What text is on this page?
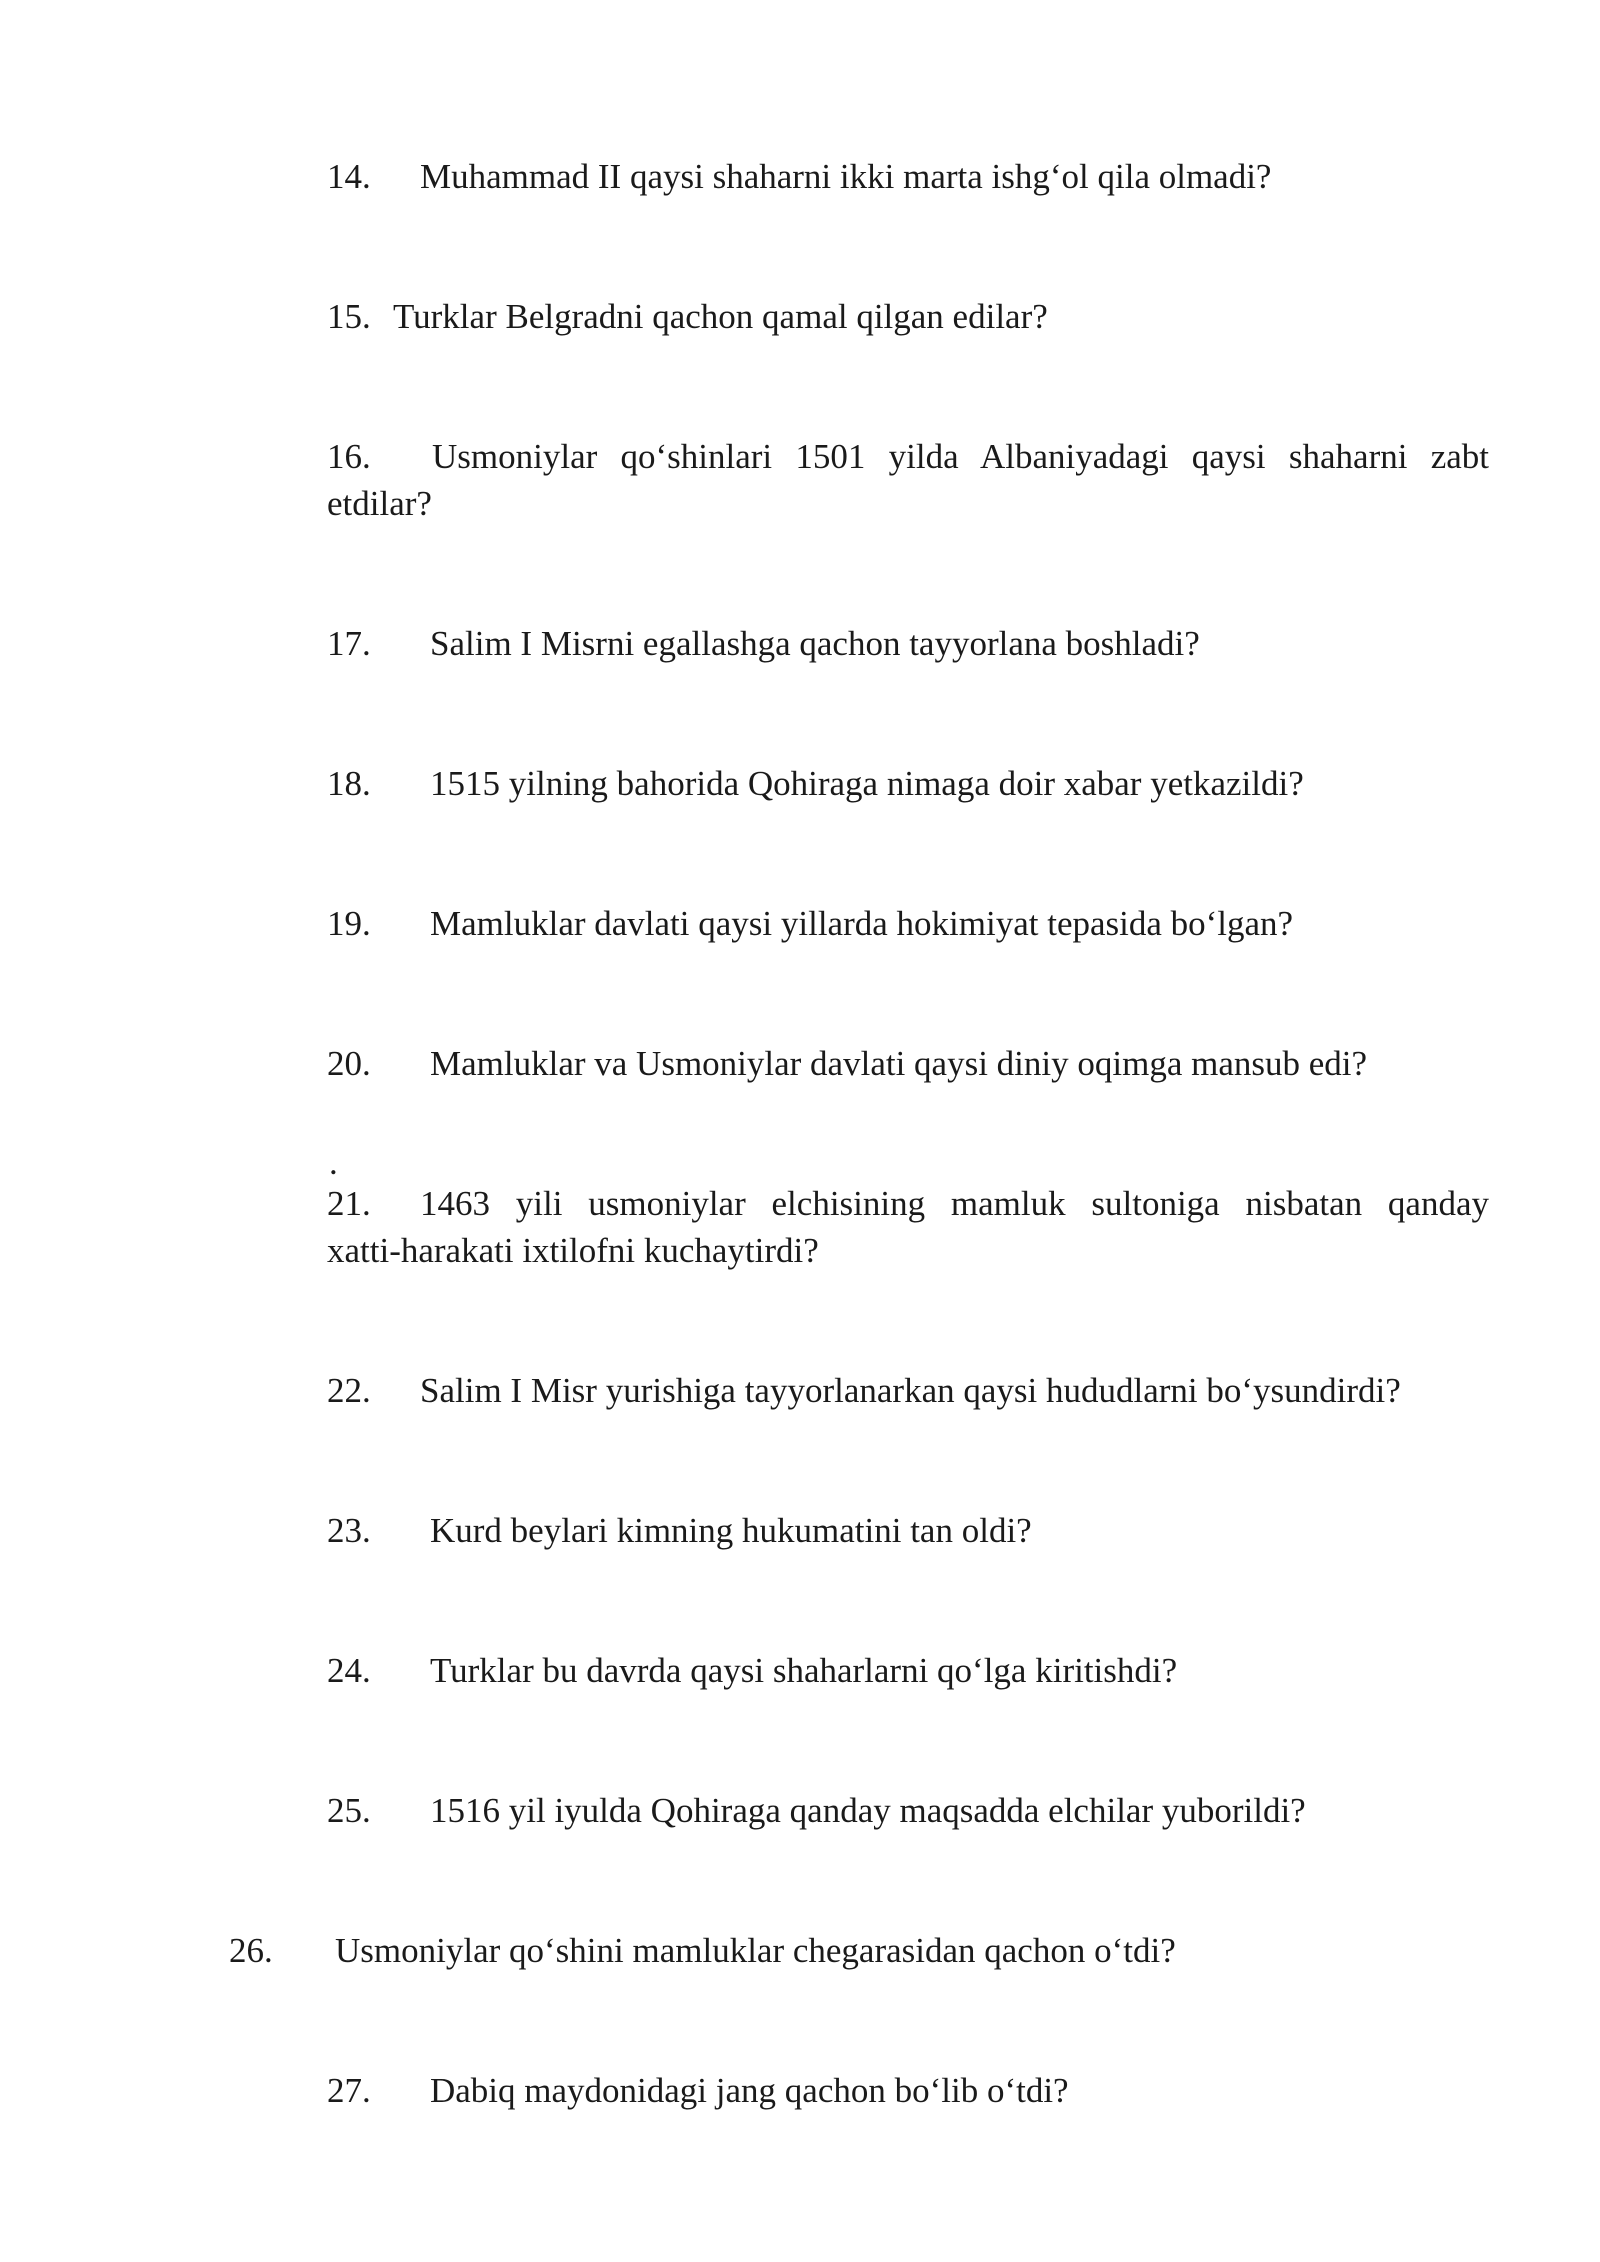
14. Muhammad II qaysi shaharni ikki marta ishg‘ol qila olmadi?
15. Turklar Belgradni qachon qamal qilgan edilar?
16.	Usmoniylar qo‘shinlari 1501 yilda Albaniyadagi qaysi shaharni zabt
etdilar?
17. Salim I Misrni egallashga qachon tayyorlana boshladi?
18. 1515 yilning bahorida Qohiraga nimaga doir xabar yetkazildi?
19. Mamluklar davlati qaysi yillarda hokimiyat tepasida bo‘lgan?
20. Mamluklar va Usmoniylar davlati qaysi diniy oqimga mansub edi?
.
21.	1463 yili usmoniylar elchisining mamluk sultoniga nisbatan qanday
xatti-harakati ixtilofni kuchaytirdi?
22. Salim I Misr yurishiga tayyorlanarkan qaysi hududlarni bo‘ysundirdi?
23. Kurd beylari kimning hukumatini tan oldi?
24. Turklar bu davrda qaysi shaharlarni qo‘lga kiritishdi?
25. 1516 yil iyulda Qohiraga qanday maqsadda elchilar yuborildi?
26. Usmoniylar qo‘shini mamluklar chegarasidan qachon o‘tdi?
27. Dabiq maydonidagi jang qachon bo‘lib o‘tdi?
